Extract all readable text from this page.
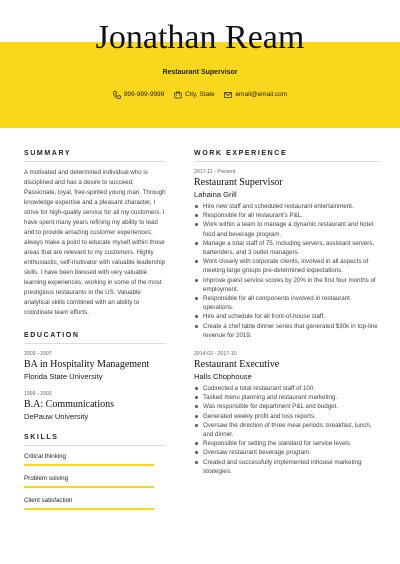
Jonathan Ream
Restaurant Supervisor
999-999-9999
	City, State
	email@email.com
SUMMARY

A motivated and determined individual who is disciplined and has a desire to succeed. Passionate, loyal, free-spirited young man. Through knowledge expertise and a pleasant character, I strive for high-quality service for all my customers. I have spent many years refining my ability to lead and to provide amazing customer experiences; always make a point to educate myself within those areas that are relevant to my customers. Highly enthusiastic, self-motivator with valuable leadership skills. I have been blessed with very valuable learning experiences, working in some of the most prestigious restaurants in the US. Valuable analytical skills combined with an ability to coordinate team efforts.

EDUCATION
2003 - 2007
BA in Hospitality Management
Florida State University
1999 - 2003
B.A: Communications
DePauw University
SKILLS
Critical thinking
Problem solving
Client satisfaction
WORK EXPERIENCE
2017-11 - Present
Restaurant Supervisor
Lahaina Grill
Hire new staff and scheduled restaurant entertainment.
Responsible for all restaurant's P&L.
Work within a team to manage a dynamic restaurant and hotel food and beverage program.
Manage a total staff of 75, including servers, assistant servers, bartenders, and 3 outlet managers.
Work closely with corporate clients, involved in all aspects of meeting large groups pre-determined expectations.
Improve guest service scores by 20% in the first four months of employment.
Responsible for all components involved in restaurant operations.
Hire and schedule for all front-of-house staff.
Create a chef table dinner series that generated $30k in top-line revenue for 2019.
2014-02 - 2017-10
Restaurant Executive
Halls Chophouse
Codirected a total restaurant staff of 100.
Tasked menu planning and restaurant marketing.
Was responsible for department P&L and budget.
Generated weekly profit and loss reports.
Oversaw the direction of three meal periods: breakfast, lunch, and dinner.
Responsible for setting the standard for service levels.
Oversaw restaurant beverage program.
Created and successfully implemented inhouse marketing strategies.
